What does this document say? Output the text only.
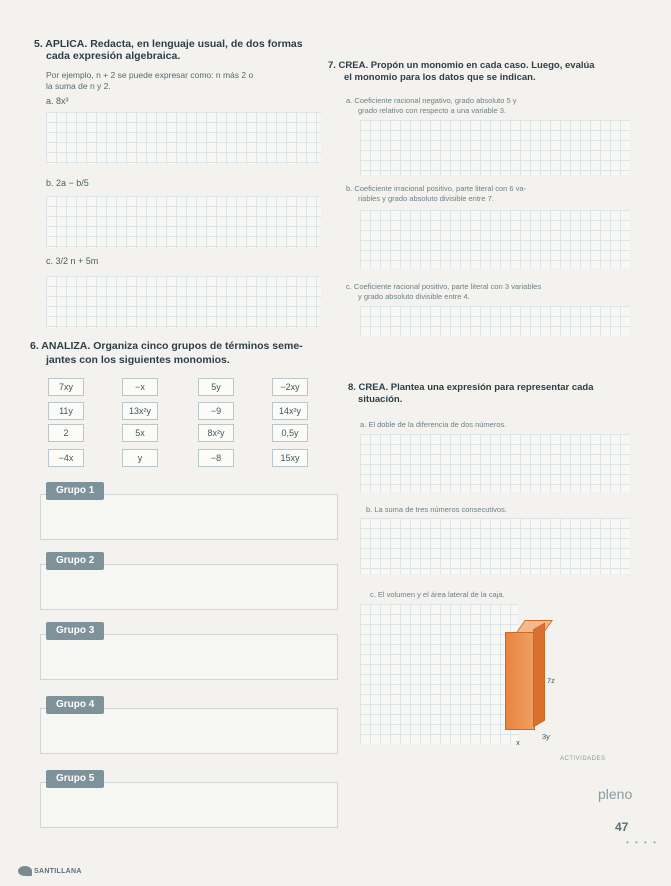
5. APLICA. Redacta, en lenguaje usual, de dos formas
cada expresión algebraica.
Por ejemplo, n + 2 se puede expresar como: n más 2 o
la suma de n y 2.
a. 8x³
b. 2a − b/5
c. 3/2 n + 5m
7. CREA. Propón un monomio en cada caso. Luego, evalúa
el monomio para los datos que se indican.
a. Coeficiente racional negativo, grado absoluto 5 y
grado relativo con respecto a una variable 3.
b. Coeficiente irracional positivo, parte literal con 6 va-
riables y grado absoluto divisible entre 7.
c. Coeficiente racional positivo, parte literal con 3 variables
y grado absoluto divisible entre 4.
6. ANALIZA. Organiza cinco grupos de términos seme-
jantes con los siguientes monomios.
7xy	−x	5y	−2xy
11y	13x²y	−9	14x²y
2	5x	8x²y	0,5y
−4x	y	−8	15xy
Grupo 1
Grupo 2
Grupo 3
Grupo 4
Grupo 5
8. CREA. Plantea una expresión para representar cada
situación.
a. El doble de la diferencia de dos números.
b. La suma de tres números consecutivos.
c. El volumen y el área lateral de la caja.
7z
3y
x
ACTIVIDADES
pleno
47
• • • •
SANTILLANA
